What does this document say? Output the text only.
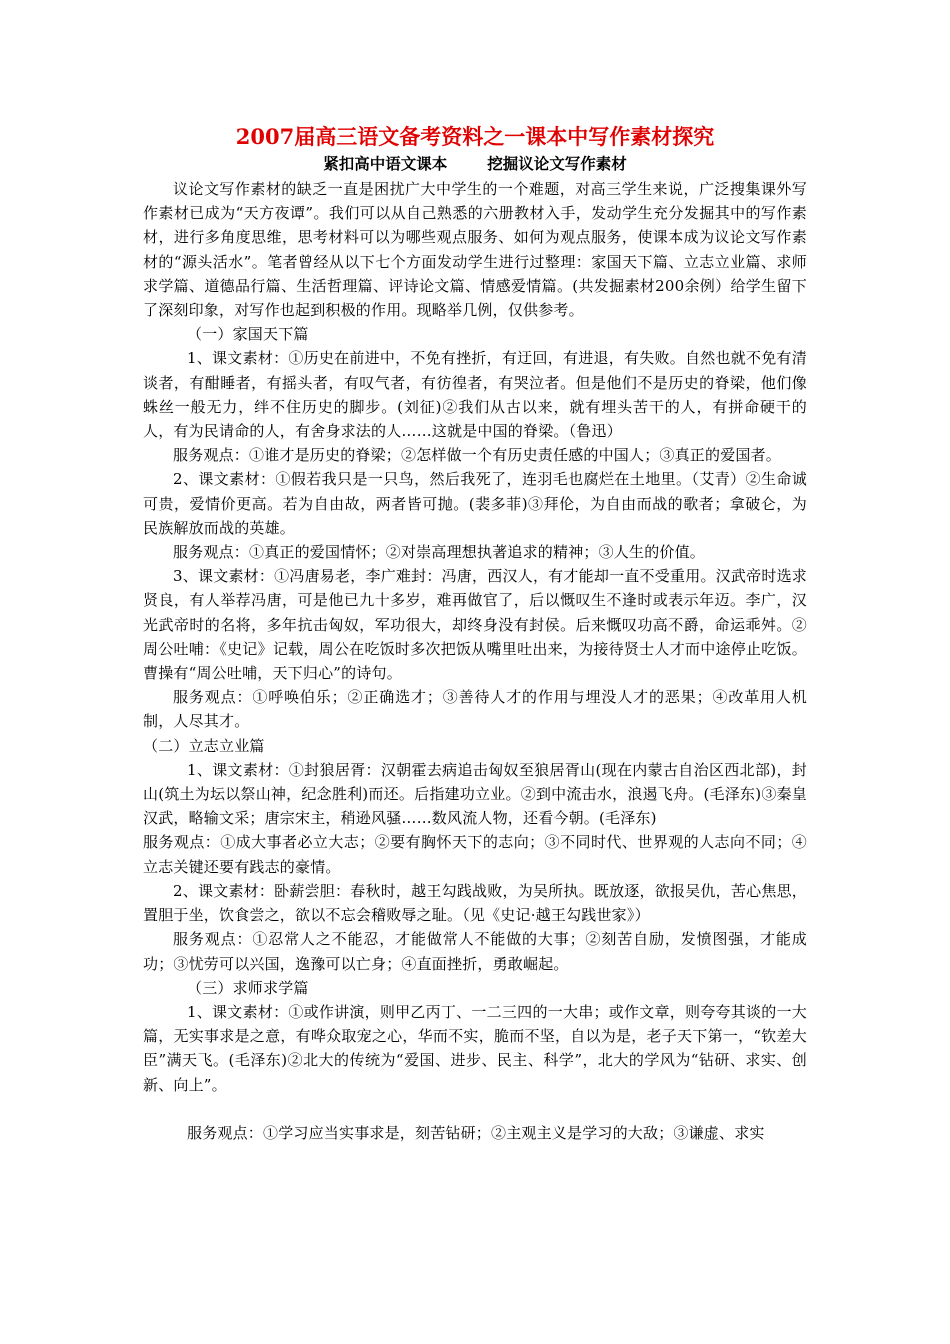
2007届高三语文备考资料之一课本中写作素材探究
紧扣高中语文课本	挖掘议论文写作素材

议论文写作素材的缺乏一直是困扰广大中学生的一个难题，对高三学生来说，广泛搜集课外写作素材已成为“天方夜谭”。我们可以从自己熟悉的六册教材入手，发动学生充分发掘其中的写作素材，进行多角度思维，思考材料可以为哪些观点服务、如何为观点服务，使课本成为议论文写作素材的“源头活水”。笔者曾经从以下七个方面发动学生进行过整理：家国天下篇、立志立业篇、求师求学篇、道德品行篇、生活哲理篇、评诗论文篇、情感爱情篇。(共发掘素材200余例）给学生留下了深刻印象，对写作也起到积极的作用。现略举几例，仅供参考。

（一）家国天下篇

1、课文素材：①历史在前进中，不免有挫折，有迂回，有进退，有失败。自然也就不免有清谈者，有酣睡者，有摇头者，有叹气者，有彷徨者，有哭泣者。但是他们不是历史的脊梁，他们像蛛丝一般无力，绊不住历史的脚步。(刘征)②我们从古以来，就有埋头苦干的人，有拼命硬干的人，有为民请命的人，有舍身求法的人……这就是中国的脊梁。（鲁迅）

服务观点：①谁才是历史的脊梁；②怎样做一个有历史责任感的中国人；③真正的爱国者。

2、课文素材：①假若我只是一只鸟，然后我死了，连羽毛也腐烂在土地里。（艾青）②生命诚可贵，爱情价更高。若为自由故，两者皆可抛。(裴多菲)③拜伦，为自由而战的歌者；拿破仑，为民族解放而战的英雄。

服务观点：①真正的爱国情怀；②对崇高理想执著追求的精神；③人生的价值。

3、课文素材：①冯唐易老，李广难封：冯唐，西汉人，有才能却一直不受重用。汉武帝时选求贤良，有人举荐冯唐，可是他已九十多岁，难再做官了，后以慨叹生不逢时或表示年迈。李广，汉光武帝时的名将，多年抗击匈奴，军功很大，却终身没有封侯。后来慨叹功高不爵，命运乖舛。②周公吐哺：《史记》记载，周公在吃饭时多次把饭从嘴里吐出来，为接待贤士人才而中途停止吃饭。曹操有“周公吐哺，天下归心”的诗句。

服务观点：①呼唤伯乐；②正确选才；③善待人才的作用与埋没人才的恶果；④改革用人机制，人尽其才。

（二）立志立业篇

1、课文素材：①封狼居胥：汉朝霍去病追击匈奴至狼居胥山(现在内蒙古自治区西北部)，封山(筑土为坛以祭山神，纪念胜利)而还。后指建功立业。②到中流击水，浪遏飞舟。(毛泽东)③秦皇汉武，略输文采；唐宗宋主，稍逊风骚……数风流人物，还看今朝。(毛泽东)

服务观点：①成大事者必立大志；②要有胸怀天下的志向；③不同时代、世界观的人志向不同；④立志关键还要有践志的豪情。

2、课文素材：卧薪尝胆：春秋时，越王勾践战败，为吴所执。既放逐，欲报吴仇，苦心焦思，置胆于坐，饮食尝之，欲以不忘会稽败辱之耻。（见《史记·越王勾践世家》）

服务观点：①忍常人之不能忍，才能做常人不能做的大事；②刻苦自励，发愤图强，才能成功；③忧劳可以兴国，逸豫可以亡身；④直面挫折，勇敢崛起。

（三）求师求学篇

1、课文素材：①或作讲演，则甲乙丙丁、一二三四的一大串；或作文章，则夸夸其谈的一大篇，无实事求是之意，有哗众取宠之心，华而不实，脆而不坚，自以为是，老子天下第一，“钦差大臣”满天飞。(毛泽东)②北大的传统为“爱国、进步、民主、科学”，北大的学风为“钻研、求实、创新、向上”。

服务观点：①学习应当实事求是，刻苦钻研；②主观主义是学习的大敌；③谦虚、求实
